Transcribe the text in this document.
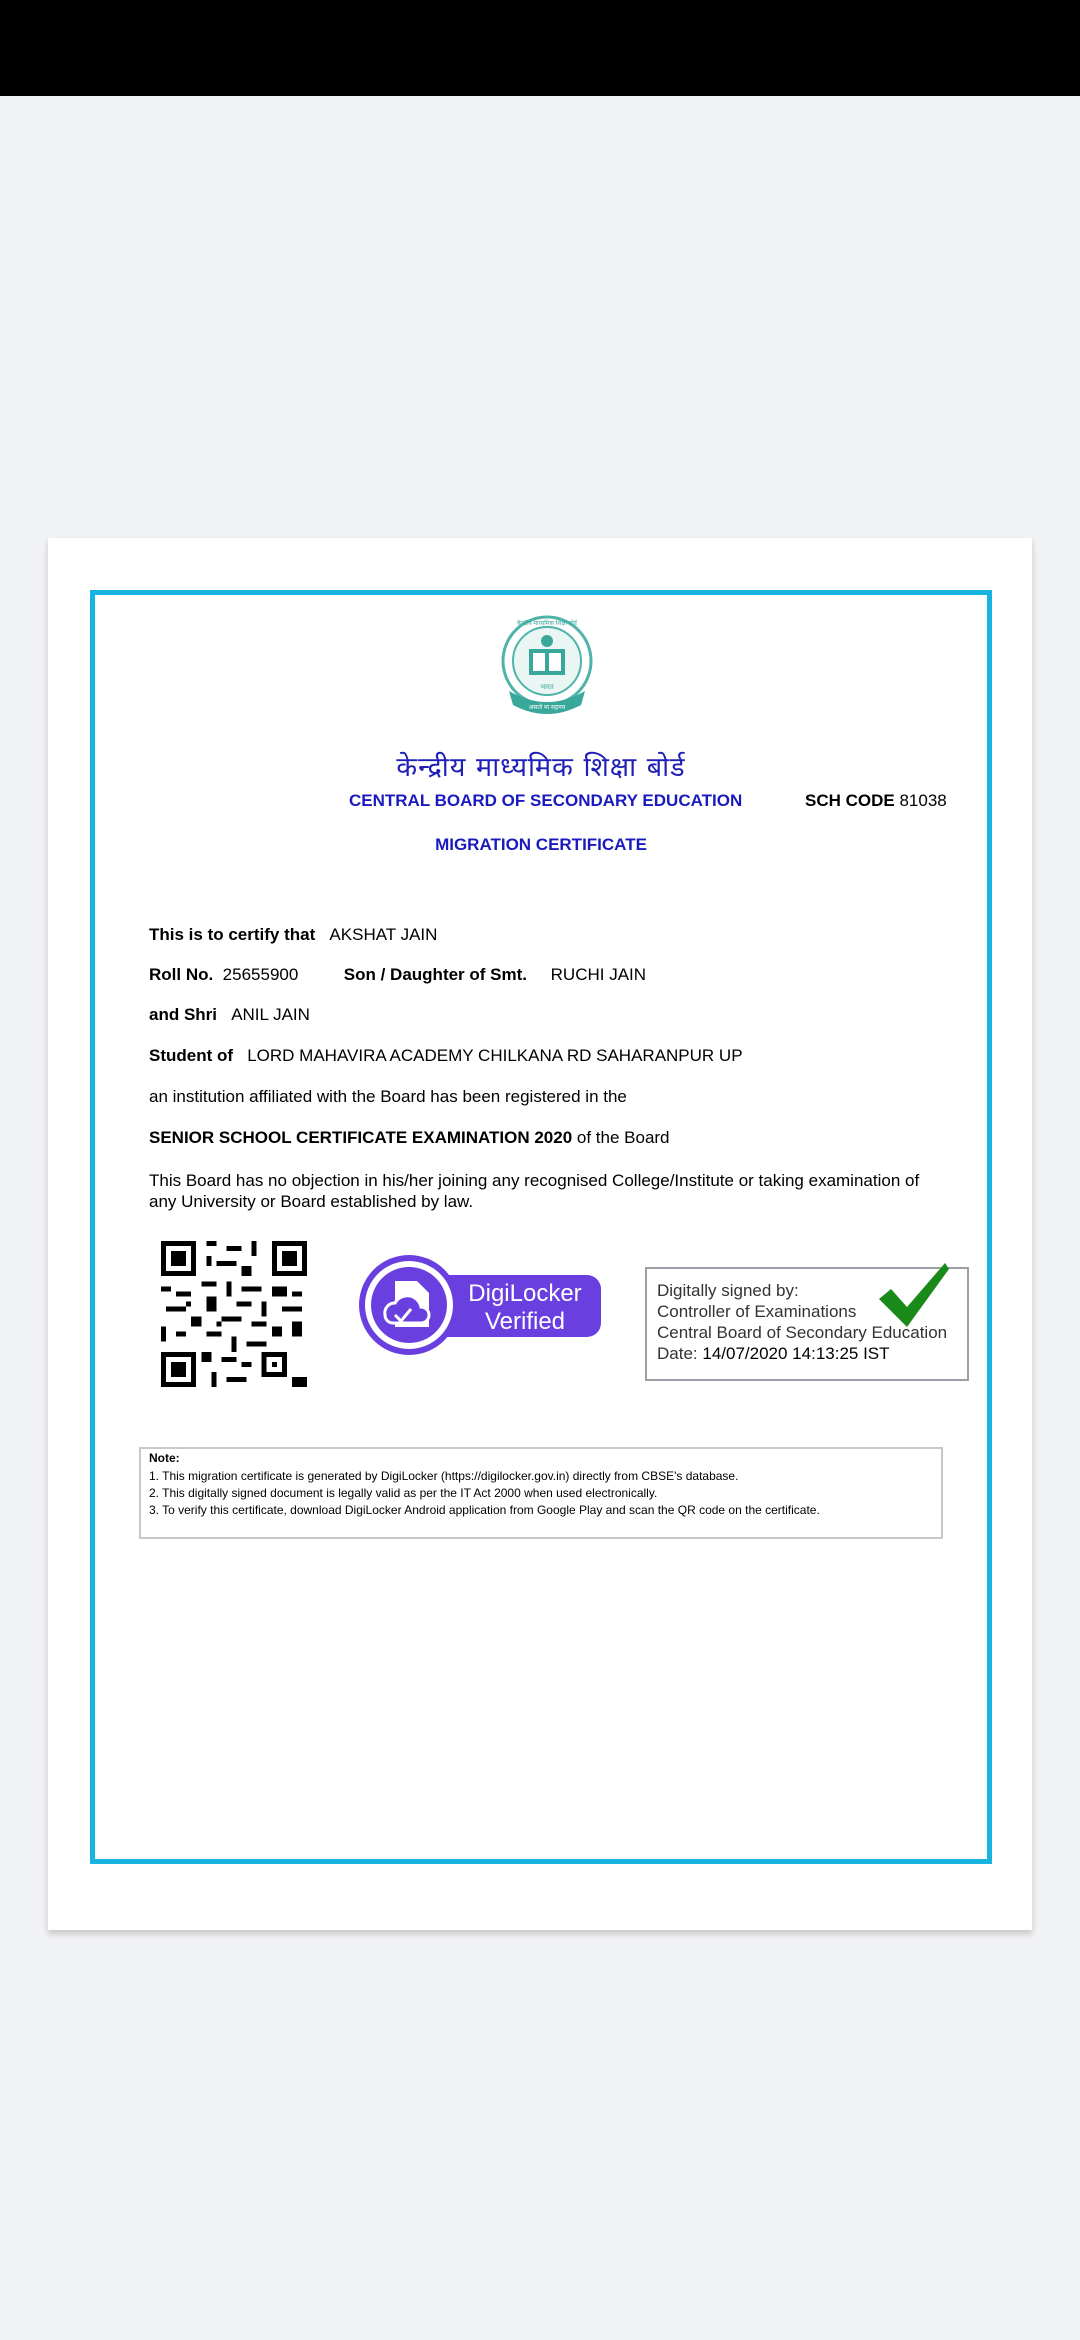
केन्द्रीय माध्यमिक शिक्षा बोर्ड
भारत
असतो मा सद्गमय
केन्द्रीय माध्यमिक शिक्षा बोर्ड
CENTRAL BOARD OF SECONDARY EDUCATION	SCH CODE 81038
MIGRATION CERTIFICATE
This is to certify that AKSHAT JAIN
Roll No. 25655900	Son / Daughter of Smt. RUCHI JAIN
and Shri ANIL JAIN
Student of LORD MAHAVIRA ACADEMY CHILKANA RD SAHARANPUR UP
an institution affiliated with the Board has been registered in the
SENIOR SCHOOL CERTIFICATE EXAMINATION 2020 of the Board
This Board has no objection in his/her joining any recognised College/Institute or taking examination of any University or Board established by law.
DigiLocker
Verified
Digitally signed by:
Controller of Examinations
Central Board of Secondary Education
Date: 14/07/2020 14:13:25 IST
Note:
1. This migration certificate is generated by DigiLocker (https://digilocker.gov.in) directly from CBSE's database.
2. This digitally signed document is legally valid as per the IT Act 2000 when used electronically.
3. To verify this certificate, download DigiLocker Android application from Google Play and scan the QR code on the certificate.
